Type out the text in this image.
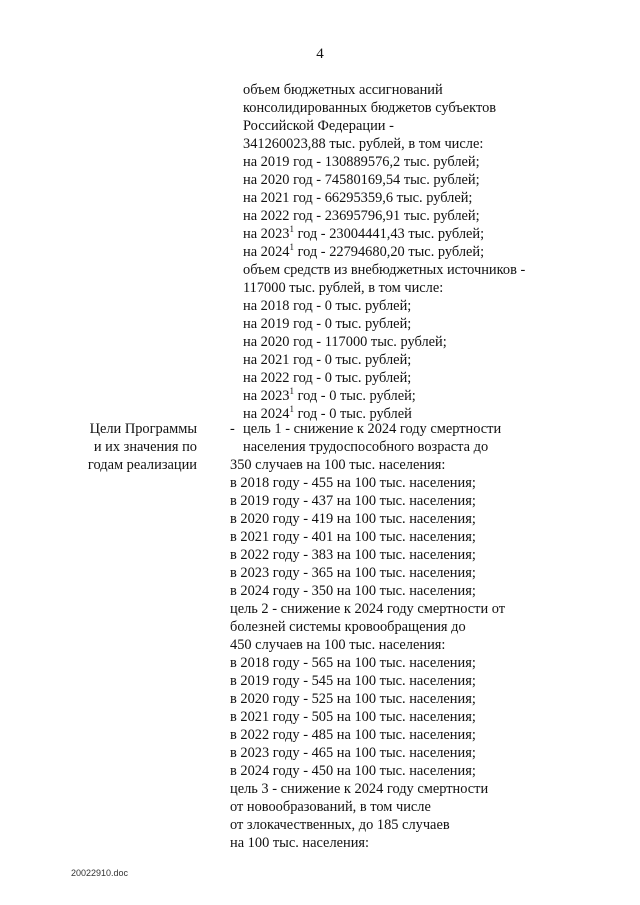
4
объем бюджетных ассигнований
консолидированных бюджетов субъектов
Российской Федерации -
341260023,88 тыс. рублей, в том числе:
на 2019 год - 130889576,2 тыс. рублей;
на 2020 год - 74580169,54 тыс. рублей;
на 2021 год - 66295359,6 тыс. рублей;
на 2022 год - 23695796,91 тыс. рублей;
на 2023$^1$ год - 23004441,43 тыс. рублей;
на 2024$^1$ год - 22794680,20 тыс. рублей;
объем средств из внебюджетных источников -
117000 тыс. рублей, в том числе:
на 2018 год - 0 тыс. рублей;
на 2019 год - 0 тыс. рублей;
на 2020 год - 117000 тыс. рублей;
на 2021 год - 0 тыс. рублей;
на 2022 год - 0 тыс. рублей;
на 2023$^1$ год - 0 тыс. рублей;
на 2024$^1$ год - 0 тыс. рублей
Цели Программы
и их значения по
годам реализации
- цель 1 - снижение к 2024 году смертности
населения трудоспособного возраста до
350 случаев на 100 тыс. населения:
в 2018 году - 455 на 100 тыс. населения;
в 2019 году - 437 на 100 тыс. населения;
в 2020 году - 419 на 100 тыс. населения;
в 2021 году - 401 на 100 тыс. населения;
в 2022 году - 383 на 100 тыс. населения;
в 2023 году - 365 на 100 тыс. населения;
в 2024 году - 350 на 100 тыс. населения;
цель 2 - снижение к 2024 году смертности от
болезней системы кровообращения до
450 случаев на 100 тыс. населения:
в 2018 году - 565 на 100 тыс. населения;
в 2019 году - 545 на 100 тыс. населения;
в 2020 году - 525 на 100 тыс. населения;
в 2021 году - 505 на 100 тыс. населения;
в 2022 году - 485 на 100 тыс. населения;
в 2023 году - 465 на 100 тыс. населения;
в 2024 году - 450 на 100 тыс. населения;
цель 3 - снижение к 2024 году смертности
от новообразований, в том числе
от злокачественных, до 185 случаев
на 100 тыс. населения:
20022910.doc
